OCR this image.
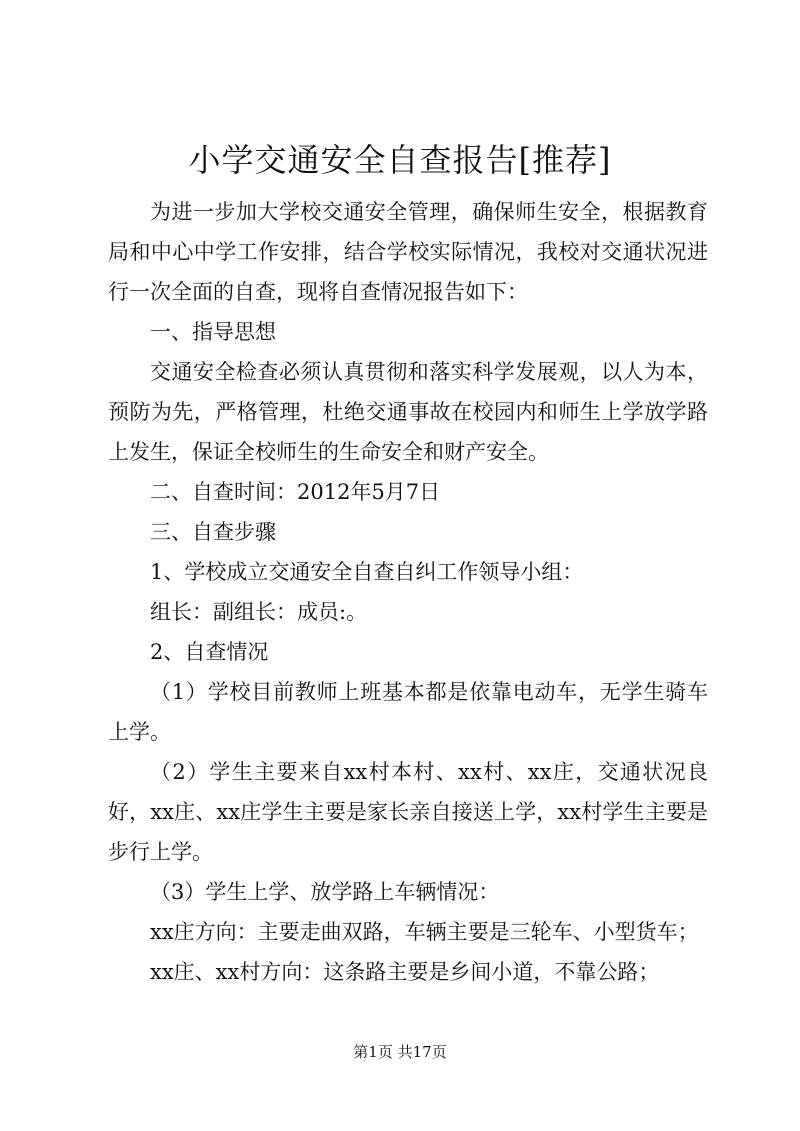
小学交通安全自查报告[推荐]

为进一步加大学校交通安全管理，确保师生安全，根据教育局和中心中学工作安排，结合学校实际情况，我校对交通状况进行一次全面的自查，现将自查情况报告如下：

一、指导思想

交通安全检查必须认真贯彻和落实科学发展观，以人为本，预防为先，严格管理，杜绝交通事故在校园内和师生上学放学路上发生，保证全校师生的生命安全和财产安全。

二、自查时间：2012年5月7日

三、自查步骤

1、学校成立交通安全自查自纠工作领导小组：

组长：副组长：成员:。

2、自查情况

（1）学校目前教师上班基本都是依靠电动车，无学生骑车上学。

（2）学生主要来自xx村本村、xx村、xx庄，交通状况良好，xx庄、xx庄学生主要是家长亲自接送上学，xx村学生主要是步行上学。

（3）学生上学、放学路上车辆情况：

xx庄方向：主要走曲双路，车辆主要是三轮车、小型货车；

xx庄、xx村方向：这条路主要是乡间小道，不靠公路；

第1页 共17页
